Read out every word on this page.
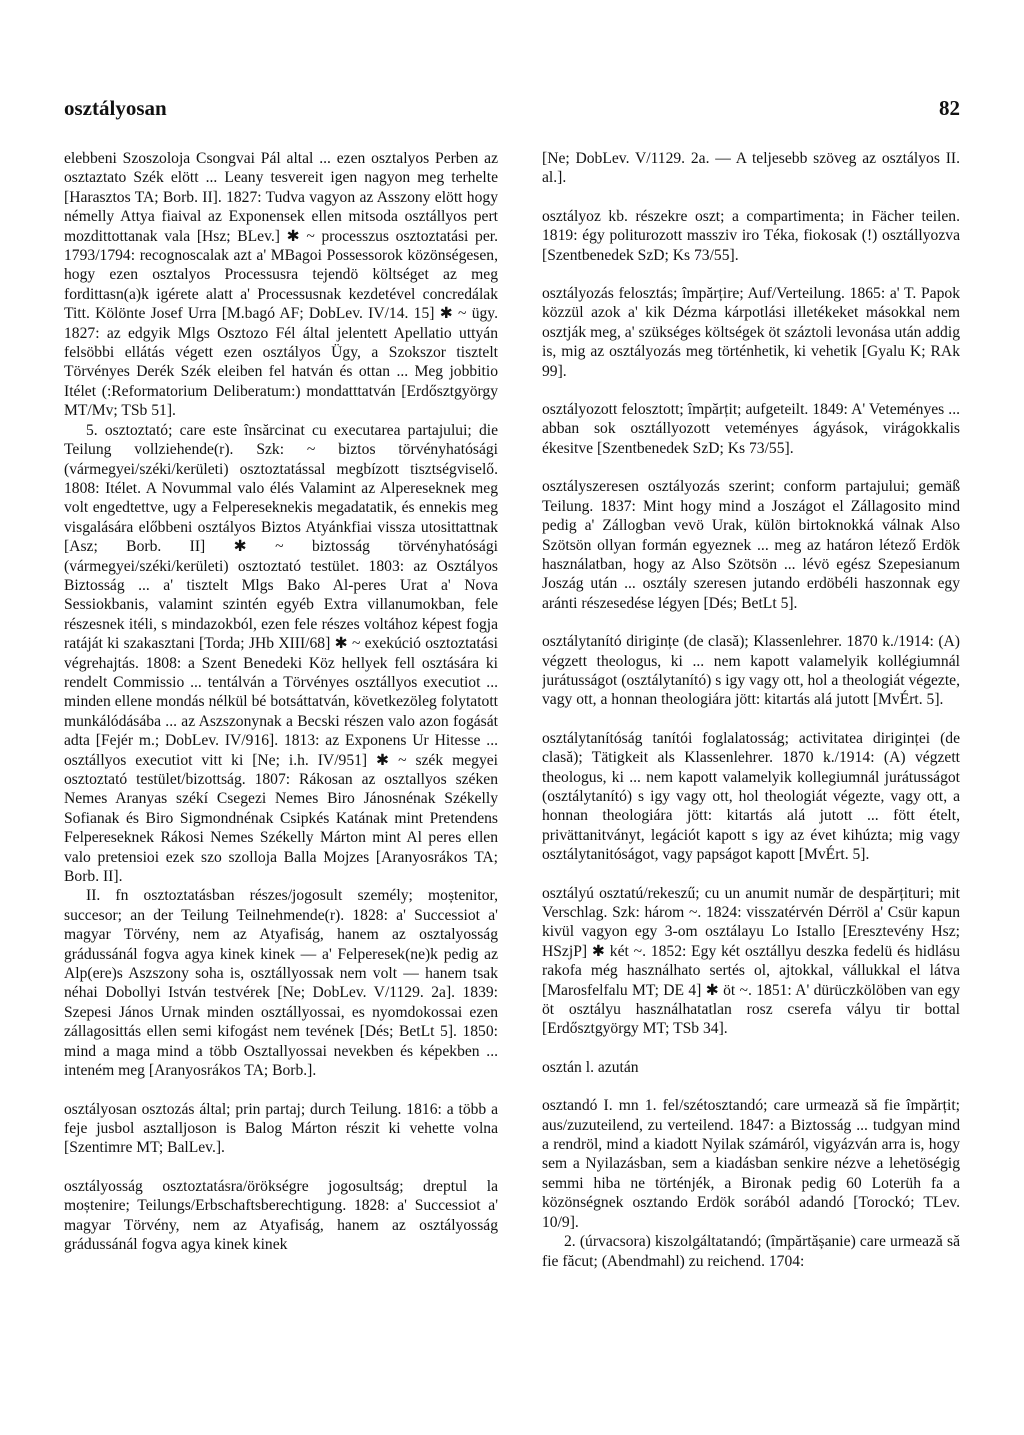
osztályosan	82

elebbeni Szoszoloja Csongvai Pál altal ... ezen osztalyos Perben az osztaztato Szék elött ... Leany tesvereit igen nagyon meg terhelte [Harasztos TA; Borb. II]. 1827: Tudva vagyon az Asszony elött hogy némelly Attya fiaival az Exponensek ellen mitsoda osztállyos pert mozdittottanak vala [Hsz; BLev.] ✱ ~ processzus osztoztatási per. 1793/1794: recognoscalak azt a' MBagoi Possessorok közönségesen, hogy ezen osztalyos Processusra tejendö költséget az meg fordittasn(a)k igérete alatt a' Processusnak kezdetével concredálak Titt. Kölönte Josef Urra [M.bagó AF; DobLev. IV/14. 15] ✱ ~ ügy. 1827: az edgyik Mlgs Osztozo Fél által jelentett Apellatio uttyán felsöbbi ellátás végett ezen osztályos Ügy, a Szokszor tisztelt Törvényes Derék Szék eleiben fel hatván és ottan ... Meg jobbitio Itélet (:Reformatorium Deliberatum:) mondatttatván [Erdősztgyörgy MT/Mv; TSb 51].

5. osztoztató; care este însărcinat cu executarea partajului; die Teilung vollziehende(r). Szk: ~ biztos törvényhatósági (vármegyei/széki/kerületi) osztoztatással megbízott tisztségviselő. 1808: Itélet. A Novummal valo élés Valamint az Alpereseknek meg volt engedtettve, ugy a Felpereseknekis megadatatik, és ennekis meg visgalására előbbeni osztályos Biztos Atyánkfiai vissza utosittattnak [Asz; Borb. II] ✱ ~ biztosság törvényhatósági (vármegyei/széki/kerületi) osztoztató testület. 1803: az Osztályos Biztosság ... a' tisztelt Mlgs Bako Al-peres Urat a' Nova Sessiokbanis, valamint szintén egyéb Extra villanumokban, fele részesnek itéli, s mindazokból, ezen fele részes voltához képest fogja ratáját ki szakasztani [Torda; JHb XIII/68] ✱ ~ exekúció osztoztatási végrehajtás. 1808: a Szent Benedeki Köz hellyek fell osztására ki rendelt Commissio ... tentálván a Törvényes osztállyos executiot ... minden ellene mondás nélkül bé botsáttatván, következöleg folytatott munkálódásába ... az Aszszonynak a Becski részen valo azon fogását adta [Fejér m.; DobLev. IV/916]. 1813: az Exponens Ur Hitesse ... osztállyos executiot vitt ki [Ne; i.h. IV/951] ✱ ~ szék megyei osztoztató testület/bizottság. 1807: Rákosan az osztallyos széken Nemes Aranyas székí Csegezi Nemes Biro Jánosnénak Székelly Sofianak és Biro Sigmondnénak Csipkés Katának mint Pretendens Felpereseknek Rákosi Nemes Székelly Márton mint Al peres ellen valo pretensioi ezek szo szolloja Balla Mojzes [Aranyosrákos TA; Borb. II].

II. fn osztoztatásban részes/jogosult személy; moștenitor, succesor; an der Teilung Teilnehmende(r). 1828: a' Successiot a' magyar Törvény, nem az Atyafiság, hanem az osztalyosság grádussánál fogva agya kinek kinek — a' Felperesek(ne)k pedig az Alp(ere)s Aszszony soha is, osztállyossak nem volt — hanem tsak néhai Dobollyi István testvérek [Ne; DobLev. V/1129. 2a]. 1839: Szepesi János Urnak minden osztállyossai, es nyomdokossai ezen zállagosittás ellen semi kifogást nem tevének [Dés; BetLt 5]. 1850: mind a maga mind a több Osztallyossai nevekben és képekben ... inteném meg [Aranyosrákos TA; Borb.].

osztályosan osztozás által; prin partaj; durch Teilung. 1816: a több a feje jusbol asztalljoson is Balog Márton részit ki vehette volna [Szentimre MT; BalLev.].

osztályosság osztoztatásra/örökségre jogosultság; dreptul la moștenire; Teilungs/Erbschaftsberechtigung. 1828: a' Successiot a' magyar Törvény, nem az Atyafiság, hanem az osztályosság grádussánál fogva agya kinek kinek

[Ne; DobLev. V/1129. 2a. — A teljesebb szöveg az osztályos II. al.].

osztályoz kb. részekre oszt; a compartimenta; in Fächer teilen. 1819: égy politurozott massziv iro Téka, fiokosak (!) osztállyozva [Szentbenedek SzD; Ks 73/55].

osztályozás felosztás; împărțire; Auf/Verteilung. 1865: a' T. Papok közzül azok a' kik Dézma kárpotlási illetékeket másokkal nem osztják meg, a' szükséges költségek öt száztoli levonása után addig is, mig az osztályozás meg történhetik, ki vehetik [Gyalu K; RAk 99].

osztályozott felosztott; împărțit; aufgeteilt. 1849: A' Veteményes ... abban sok osztállyozott veteményes ágyások, virágokkalis ékesitve [Szentbenedek SzD; Ks 73/55].

osztályszeresen osztályozás szerint; conform partajului; gemäß Teilung. 1837: Mint hogy mind a Joszágot el Zállagosito mind pedig a' Zállogban vevö Urak, külön birtoknokká válnak Also Szötsön ollyan formán egyeznek ... meg az határon létező Erdök használatban, hogy az Also Szötsön ... lévö egész Szepesianum Joszág után ... osztály szeresen jutando erdöbéli haszonnak egy aránti részesedése légyen [Dés; BetLt 5].

osztálytanító dirigințe (de clasă); Klassenlehrer. 1870 k./1914: (A) végzett theologus, ki ... nem kapott valamelyik kollégiumnál jurátusságot (osztálytanító) s igy vagy ott, hol a theologiát végezte, vagy ott, a honnan theologiára jött: kitartás alá jutott [MvÉrt. 5].

osztálytanítóság tanítói foglalatosság; activitatea diriginței (de clasă); Tätigkeit als Klassenlehrer. 1870 k./1914: (A) végzett theologus, ki ... nem kapott valamelyik kollegiumnál jurátusságot (osztálytanító) s igy vagy ott, hol theologiát végezte, vagy ott, a honnan theologiára jött: kitartás alá jutott ... fött ételt, privättanitványt, legációt kapott s igy az évet kihúzta; mig vagy osztálytanitóságot, vagy papságot kapott [MvÉrt. 5].

osztályú osztatú/rekeszű; cu un anumit număr de despărțituri; mit Verschlag. Szk: három ~. 1824: visszatérvén Dérröl a' Csür kapun kivül vagyon egy 3-om osztálayu Lo Istallo [Eresztevény Hsz; HSzjP] ✱ két ~. 1852: Egy két osztállyu deszka fedelü és hidlásu rakofa még használhato sertés ol, ajtokkal, vállukkal el látva [Marosfelfalu MT; DE 4] ✱ öt ~. 1851: A' dürüczkölöben van egy öt osztályu használhatatlan rosz cserefa vályu tir bottal [Erdősztgyörgy MT; TSb 34].

osztán l. azután

osztandó I. mn 1. fel/szétosztandó; care urmează să fie împărțit; aus/zuzuteilend, zu verteilend. 1847: a Biztosság ... tudgyan mind a rendröl, mind a kiadott Nyilak számáról, vigyázván arra is, hogy sem a Nyilazásban, sem a kiadásban senkire nézve a lehetöségig semmi hiba ne történjék, a Bironak pedig 60 Loterüh fa a közönségnek osztando Erdök sorából adandó [Torockó; TLev. 10/9].

2. (úrvacsora) kiszolgáltatandó; (împărtășanie) care urmează să fie făcut; (Abendmahl) zu reichend. 1704:
